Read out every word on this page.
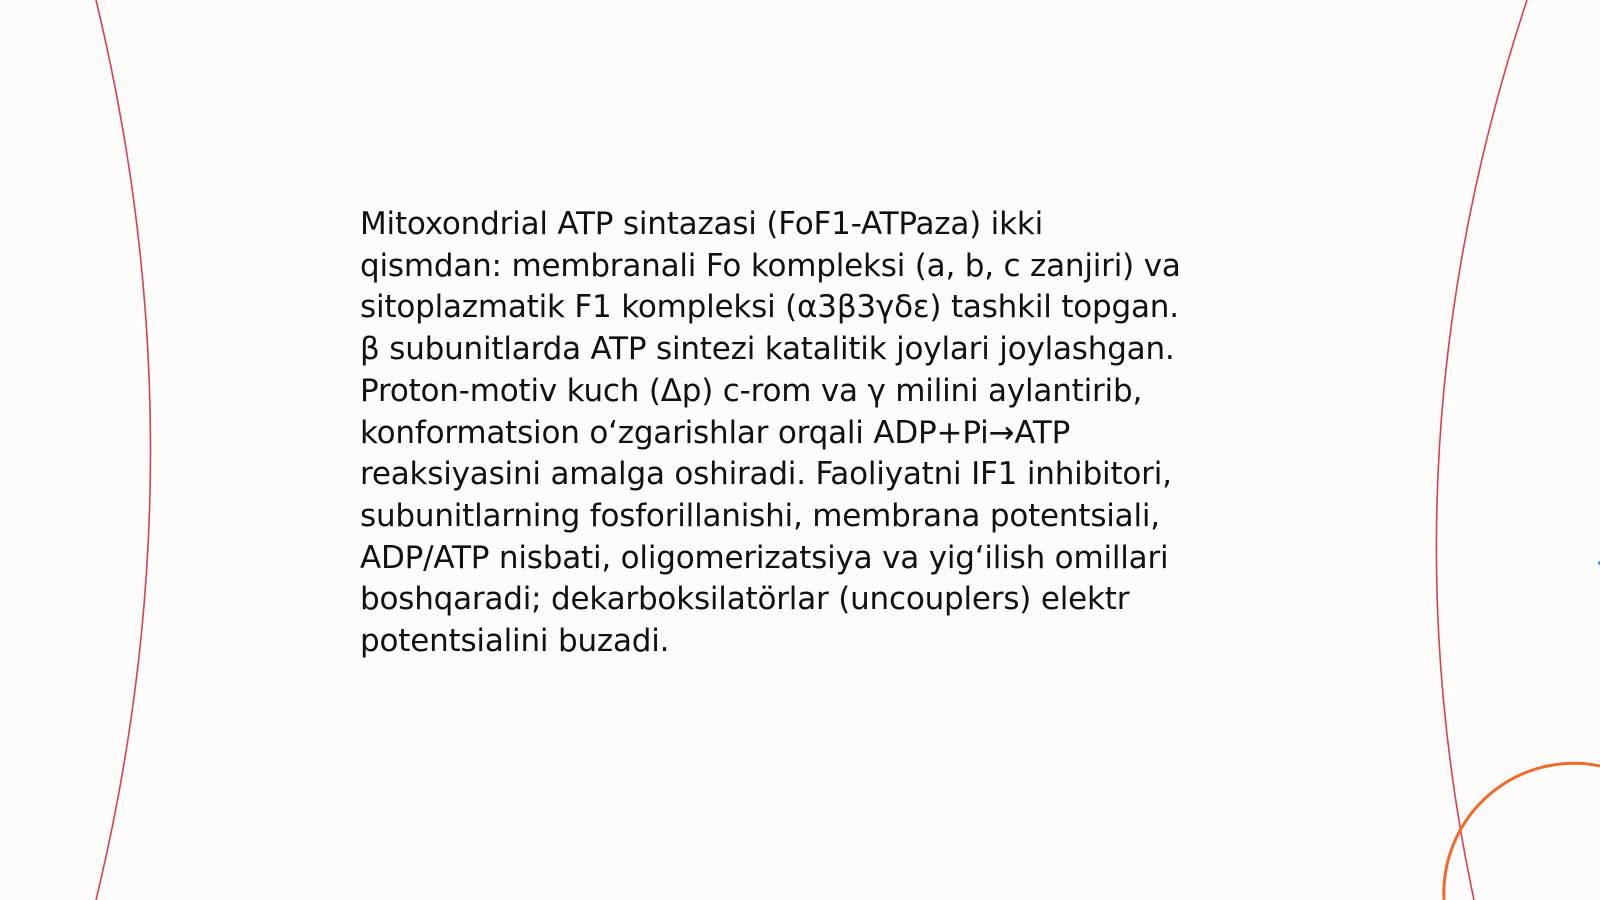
Mitoxondrial ATP sintazasi (FoF1-ATPaza) ikki
qismdan: membranali Fo kompleksi (a, b, c zanjiri) va
sitoplazmatik F1 kompleksi (α3β3γδε) tashkil topgan.
β subunitlarda ATP sintezi katalitik joylari joylashgan.
Proton-motiv kuch (Δp) c-rom va γ milini aylantirib,
konformatsion oʻzgarishlar orqali ADP+Pi→ATP
reaksiyasini amalga oshiradi. Faoliyatni IF1 inhibitori,
subunitlarning fosforillanishi, membrana potentsiali,
ADP/ATP nisbati, oligomerizatsiya va yigʻilish omillari
boshqaradi; dekarboksilatörlar (uncouplers) elektr
potentsialini buzadi.
